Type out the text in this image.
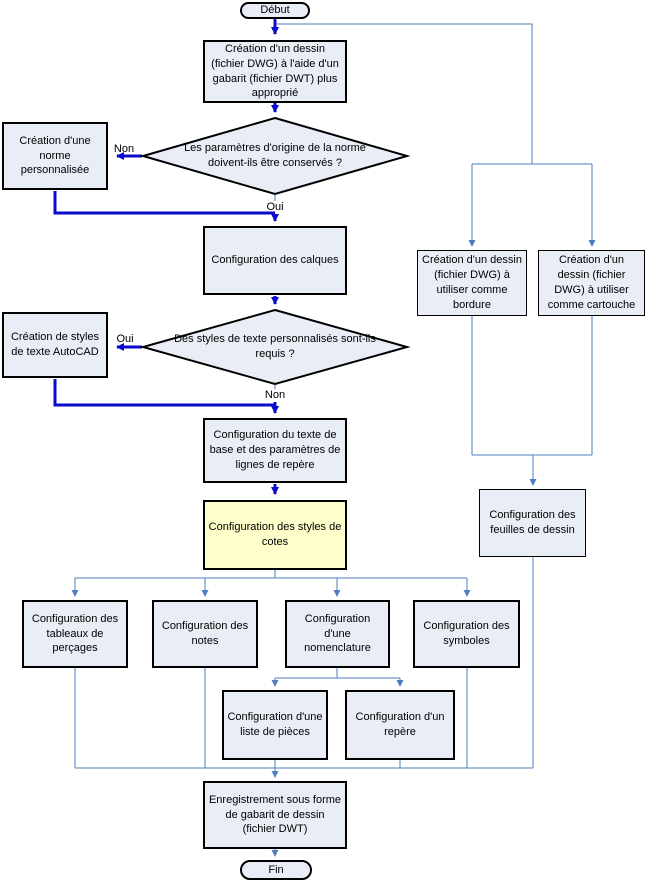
Début
Fin
Création d'un dessin (fichier DWG) à l'aide d'un gabarit (fichier DWT) plus approprié
Les paramètres d'origine de la norme doivent-ils être conservés ?
Création d'une norme personnalisée
Configuration des calques
Des styles de texte personnalisés sont-ils requis ?
Création de styles de texte AutoCAD
Configuration du texte de base et des paramètres de lignes de repère
Configuration des styles de cotes
Configuration des tableaux de perçages
Configuration des notes
Configuration d'une nomenclature
Configuration des symboles
Configuration d'une liste de pièces
Configuration d'un repère
Enregistrement sous forme de gabarit de dessin (fichier DWT)
Création d'un dessin (fichier DWG) à utiliser comme bordure
Création d'un dessin (fichier DWG) à utiliser comme cartouche
Configuration des feuilles de dessin
Non
Oui
Oui
Non
